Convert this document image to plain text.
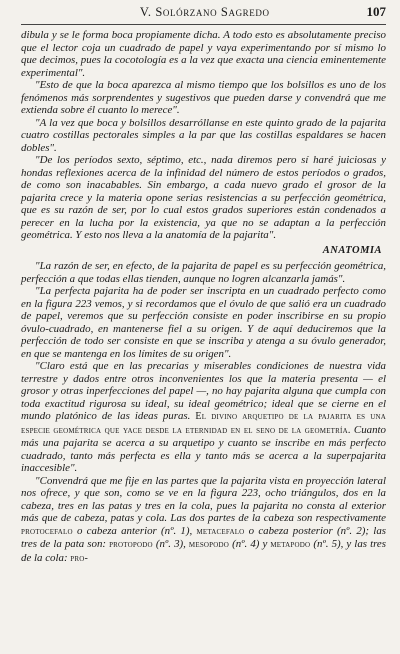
V. Solórzano Sagredo	107

dibula y se le forma boca propiamente dicha. A todo esto es absolutamente preciso que el lector coja un cuadrado de papel y vaya experimentando por sí mismo lo que decimos, pues la cocotología es a la vez que exacta una ciencia eminentemente experimental".

"Esto de que la boca aparezca al mismo tiempo que los bolsillos es uno de los fenómenos más sorprendentes y sugestivos que pueden darse y convendrá que me extienda sobre él cuanto lo merece".

"A la vez que boca y bolsillos desarróllanse en este quinto grado de la pajarita cuatro costillas pectorales simples a la par que las costillas espaldares se hacen dobles".

"De los períodos sexto, séptimo, etc., nada diremos pero sí haré juiciosas y hondas reflexiones acerca de la infinidad del número de estos períodos o grados, de como son inacabables. Sin embargo, a cada nuevo grado el grosor de la pajarita crece y la materia opone serias resistencias a su perfección geométrica, que es su razón de ser, por lo cual estos grados superiores están condenados a perecer en la lucha por la existencia, ya que no se adaptan a la perfección geométrica. Y esto nos lleva a la anatomía de la pajarita".

ANATOMIA

"La razón de ser, en efecto, de la pajarita de papel es su perfección geométrica, perfección a que todas ellas tienden, aunque no logren alcanzarla jamás".

"La perfecta pajarita ha de poder ser inscripta en un cuadrado perfecto como en la figura 223 vemos, y si recordamos que el óvulo de que salió era un cuadrado de papel, veremos que su perfección consiste en poder inscribirse en su propio óvulo-cuadrado, en mantenerse fiel a su origen. Y de aquí deduciremos que la perfección de todo ser consiste en que se inscriba y atenga a su óvulo generador, en que se mantenga en los límites de su origen".

"Claro está que en las precarias y miserables condiciones de nuestra vida terrestre y dados entre otros inconvenientes los que la materia presenta — el grosor y otras inperfecciones del papel —, no hay pajarita alguna que cumpla con toda exactitud rigurosa su ideal, su ideal geométrico; ideal que se cierne en el mundo platónico de las ideas puras. El divino arquetipo de la pajarita es una especie geométrica que yace desde la eternidad en el seno de la geometría. Cuanto más una pajarita se acerca a su arquetipo y cuanto se inscribe en más perfecto cuadrado, tanto más perfecta es ella y tanto más se acerca a la superpajarita inaccesible".

"Convendrá que me fije en las partes que la pajarita vista en proyección lateral nos ofrece, y que son, como se ve en la figura 223, ocho triángulos, dos en la cabeza, tres en las patas y tres en la cola, pues la pajarita no consta al exterior más que de cabeza, patas y cola. Las dos partes de la cabeza son respectivamente protocefalo o cabeza anterior (nº. 1), metacefalo o cabeza posterior (nº. 2); las tres de la pata son: protopodo (nº. 3), mesopodo (nº. 4) y metapodo (nº. 5), y las tres de la cola: pro-
